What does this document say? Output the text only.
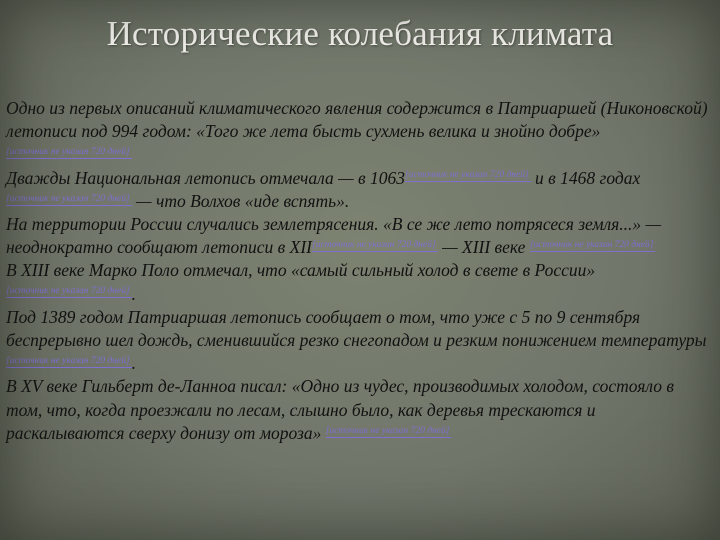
Исторические колебания климата

Одно из первых описаний климатического явления содержится в Патриаршей (Никоновской) летописи под 994 годом: «Того же лета бысть сухмень велика и знойно добре»[источник не указан 720 дней]

Дважды Национальная летопись отмечала — в 1063[источник не указан 720 дней] и в 1468 годах[источник не указан 720 дней] — что Волхов «иде вспять».

На территории России случались землетрясения. «В се же лето потрясеся земля...» — неоднократно сообщают летописи в XII[источник не указан 720 дней] — XIII веке [источник не указан 720 дней]

В XIII веке Марко Поло отмечал, что «самый сильный холод в свете в России»[источник не указан 720 дней] .

Под 1389 годом Патриаршая летопись сообщает о том, что уже с 5 по 9 сентября беспрерывно шел дождь, сменившийся резко снегопадом и резким понижением температуры[источник не указан 720 дней] .

В XV веке Гильберт де-Ланноа писал: «Одно из чудес, производимых холодом, состояло в том, что, когда проезжали по лесам, слышно было, как деревья трескаются и раскалываются сверху донизу от мороза» [источник не указан 720 дней]
